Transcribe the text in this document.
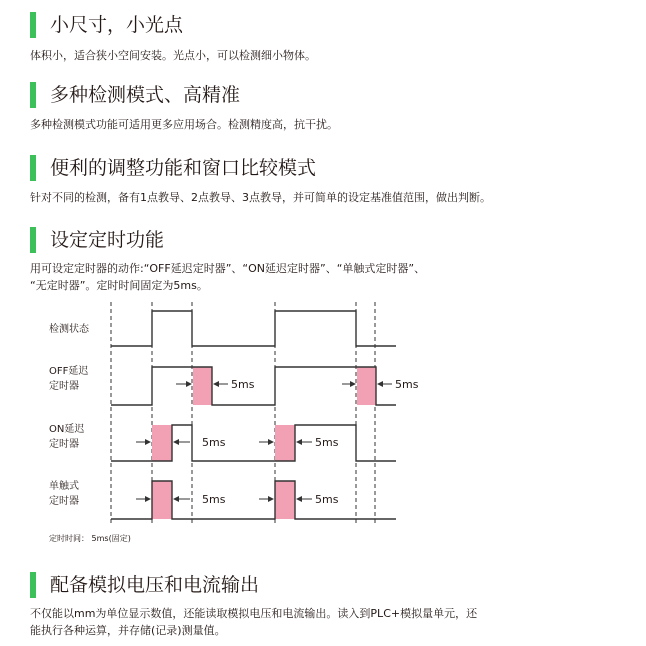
小尺寸，小光点
体积小，适合狭小空间安装。光点小，可以检测细小物体。
多种检测模式、高精准
多种检测模式功能可适用更多应用场合。检测精度高，抗干扰。
便利的调整功能和窗口比较模式
针对不同的检测，备有1点教导、2点教导、3点教导，并可简单的设定基准值范围，做出判断。
设定定时功能
用可设定定时器的动作:“OFF延迟定时器”、“ON延迟定时器”、“单触式定时器”、
“无定时器”。定时时间固定为5ms。
5ms	5ms
5ms	5ms
5ms	5ms
检测状态
OFF延迟
定时器
ON延迟
定时器
单触式
定时器
定时时间： 5ms(固定)
配备模拟电压和电流输出
不仅能以mm为单位显示数值，还能读取模拟电压和电流输出。读入到PLC+模拟量单元，还
能执行各种运算，并存储(记录)测量值。
